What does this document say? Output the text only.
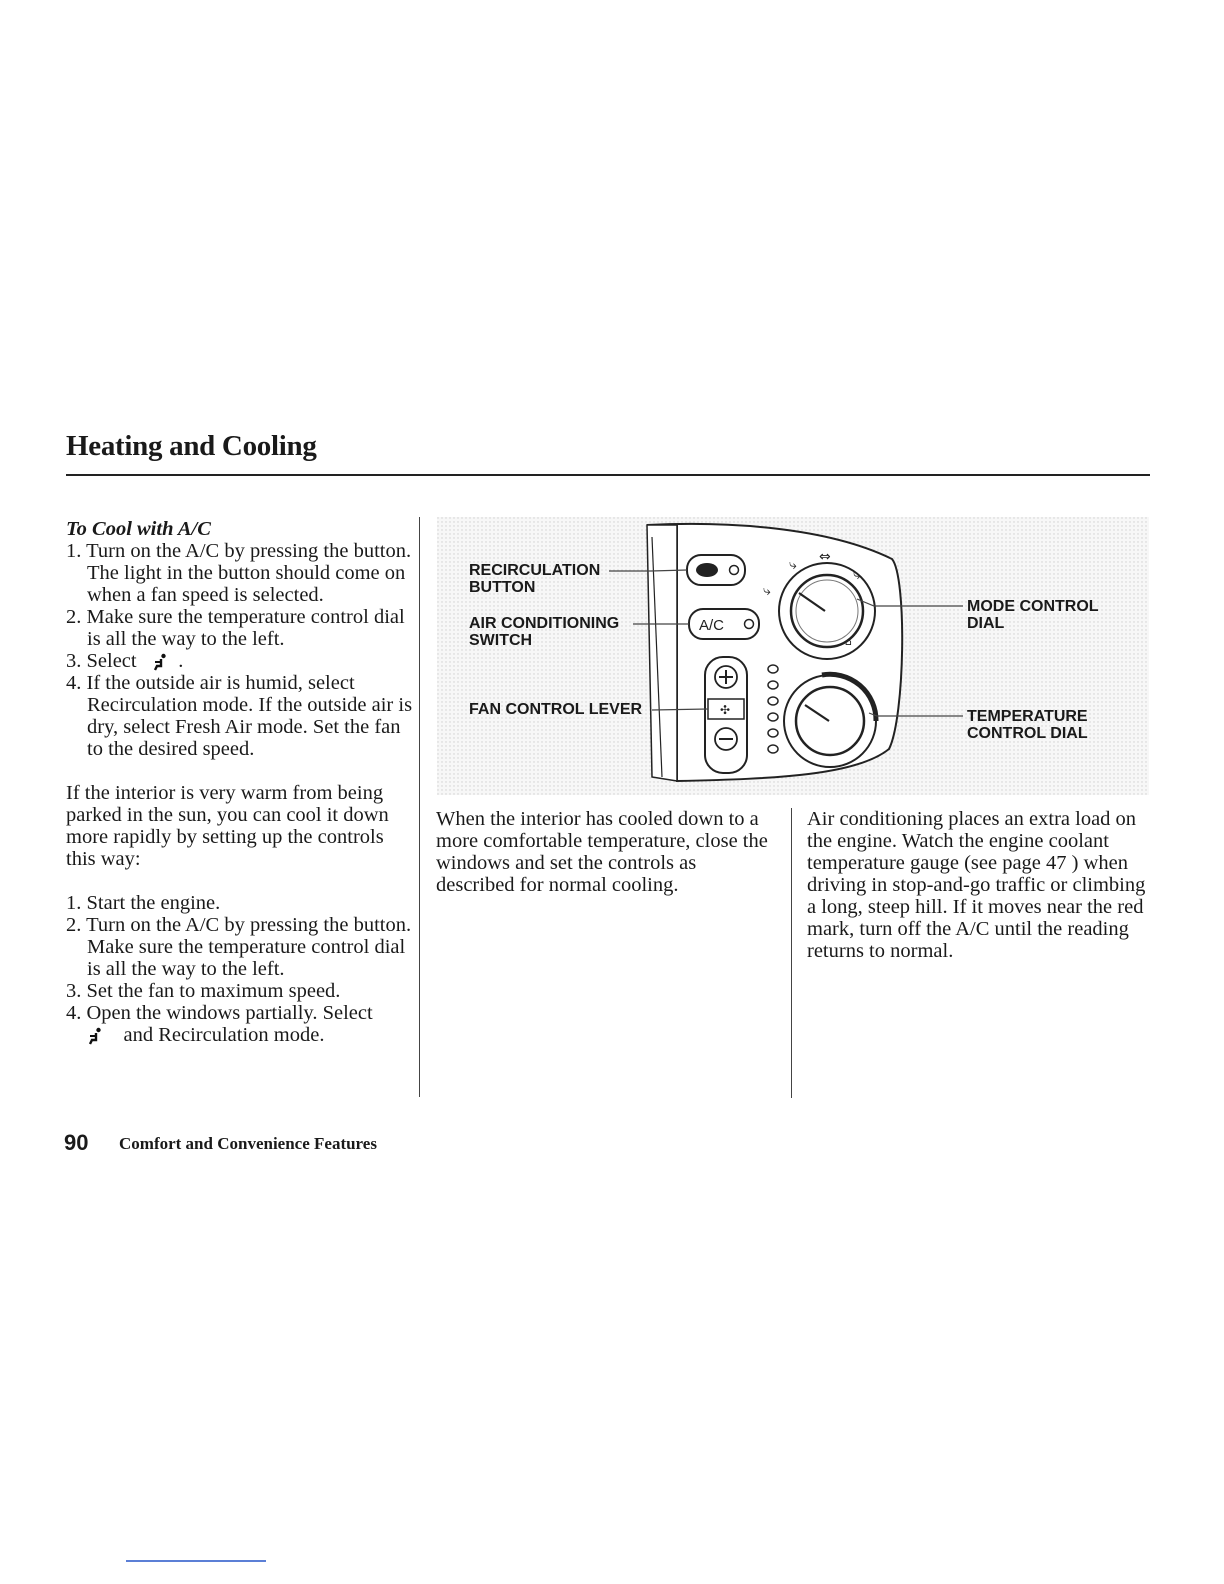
Heating and Cooling
To Cool with A/C
1. Turn on the A/C by pressing the button. The light in the button should come on when a fan speed is selected.
2. Make sure the temperature control dial is all the way to the left.
3. Select .
4. If the outside air is humid, select Recirculation mode. If the outside air is dry, select Fresh Air mode. Set the fan to the desired speed.

If the interior is very warm from being parked in the sun, you can cool it down more rapidly by setting up the controls this way:

1. Start the engine.
2. Turn on the A/C by pressing the button. Make sure the temperature control dial is all the way to the left.
3. Set the fan to maximum speed.
4. Open the windows partially. Select
and Recirculation mode.
A/C
✣
⤷
⤷
⇔
⤷
⌂
RECIRCULATION
BUTTON
AIR CONDITIONING
SWITCH
FAN CONTROL LEVER
MODE CONTROL
DIAL
TEMPERATURE
CONTROL DIAL

When the interior has cooled down to a more comfortable temperature, close the windows and set the controls as described for normal cooling.

Air conditioning places an extra load on the engine. Watch the engine coolant temperature gauge (see page 47 ) when driving in stop-and-go traffic or climbing a long, steep hill. If it moves near the red mark, turn off the A/C until the reading returns to normal.

90 Comfort and Convenience Features
